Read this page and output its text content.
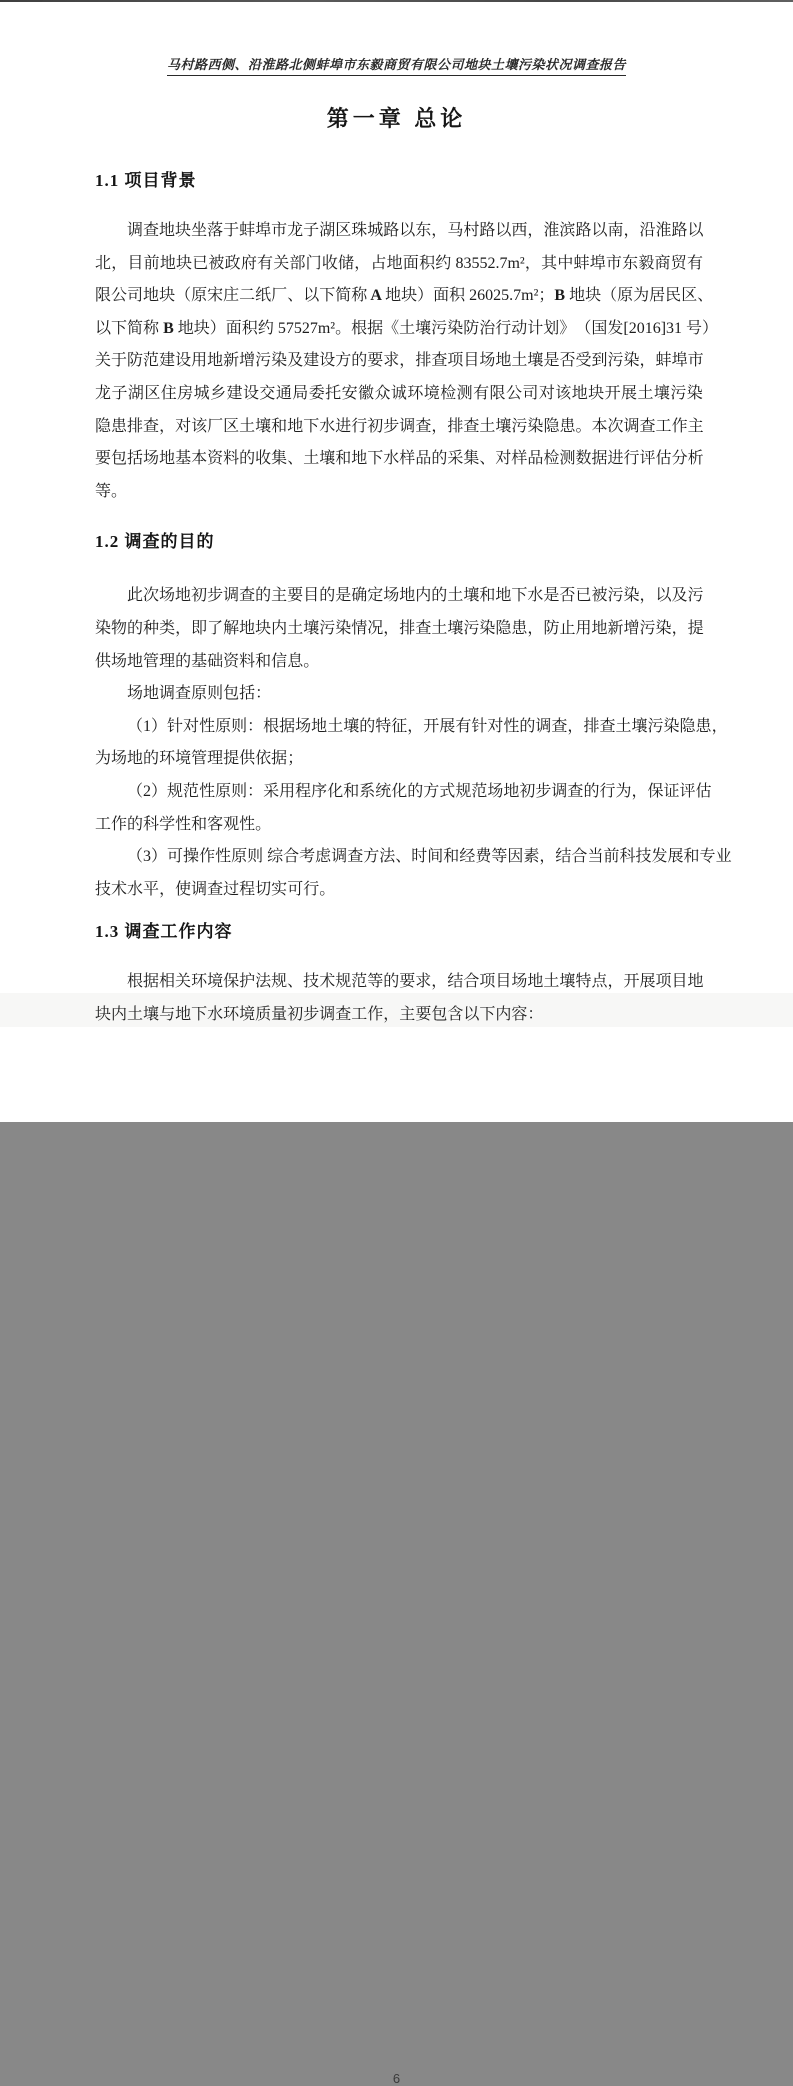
马村路西侧、沿淮路北侧蚌埠市东毅商贸有限公司地块土壤污染状况调查报告
第一章 总论
1.1 项目背景
调 查 地 块 坐 落 于 蚌 埠 市 龙 子 湖 区 珠 城 路 以 东 ， 马 村 路 以 西 ， 淮 滨 路 以 南 ， 沿 淮 路 以
北 ， 目 前 地 块 已 被 政 府 有 关 部 门 收 储 ， 占 地 面 积 约 83552.7m² ， 其 中 蚌 埠 市 东 毅 商 贸 有
限 公 司 地 块 （ 原 宋 庄 二 纸 厂 、 以 下 简 称 A 地 块 ） 面 积 26025.7m² ； B 地 块 （ 原 为 居 民 区 、
以 下 简 称 B 地 块 ） 面 积 约 57527m² 。 根 据 《 土 壤 污 染 防 治 行 动 计 划 》 （ 国 发 [2016]31 号 ）
关 于 防 范 建 设 用 地 新 增 污 染 及 建 设 方 的 要 求 ， 排 查 项 目 场 地 土 壤 是 否 受 到 污 染 ， 蚌 埠 市
龙 子 湖 区 住 房 城 乡 建 设 交 通 局 委 托 安 徽 众 诚 环 境 检 测 有 限 公 司 对 该 地 块 开 展 土 壤 污 染
隐 患 排 查 ， 对 该 厂 区 土 壤 和 地 下 水 进 行 初 步 调 查 ， 排 查 土 壤 污 染 隐 患 。 本 次 调 查 工 作 主
要 包 括 场 地 基 本 资 料 的 收 集 、 土 壤 和 地 下 水 样 品 的 采 集 、 对 样 品 检 测 数 据 进 行 评 估 分 析
等 。
1.2 调查的目的
此 次 场 地 初 步 调 查 的 主 要 目 的 是 确 定 场 地 内 的 土 壤 和 地 下 水 是 否 已 被 污 染 ， 以 及 污
染 物 的 种 类 ， 即 了 解 地 块 内 土 壤 污 染 情 况 ， 排 查 土 壤 污 染 隐 患 ， 防 止 用 地 新 增 污 染 ， 提
供 场 地 管 理 的 基 础 资 料 和 信 息 。
场 地 调 查 原 则 包 括 ：
（ 1 ） 针 对 性 原 则 ： 根 据 场 地 土 壤 的 特 征 ， 开 展 有 针 对 性 的 调 查 ， 排 查 土 壤 污 染 隐 患 ，
为 场 地 的 环 境 管 理 提 供 依 据 ；
（ 2 ） 规 范 性 原 则 ： 采 用 程 序 化 和 系 统 化 的 方 式 规 范 场 地 初 步 调 查 的 行 为 ， 保 证 评 估
工 作 的 科 学 性 和 客 观 性 。
（ 3 ） 可 操 作 性 原 则
综 合 考 虑 调 查 方 法 、 时 间 和 经 费 等 因 素 ， 结 合 当 前 科 技 发 展 和 专 业
技 术 水 平 ， 使 调 查 过 程 切 实 可 行 。
1.3 调查工作内容
根 据 相 关 环 境 保 护 法 规 、 技 术 规 范 等 的 要 求 ， 结 合 项 目 场 地 土 壤 特 点 ， 开 展 项 目 地
块 内 土 壤 与 地 下 水 环 境 质 量 初 步 调 查 工 作 ， 主 要 包 含 以 下 内 容 ：
6
